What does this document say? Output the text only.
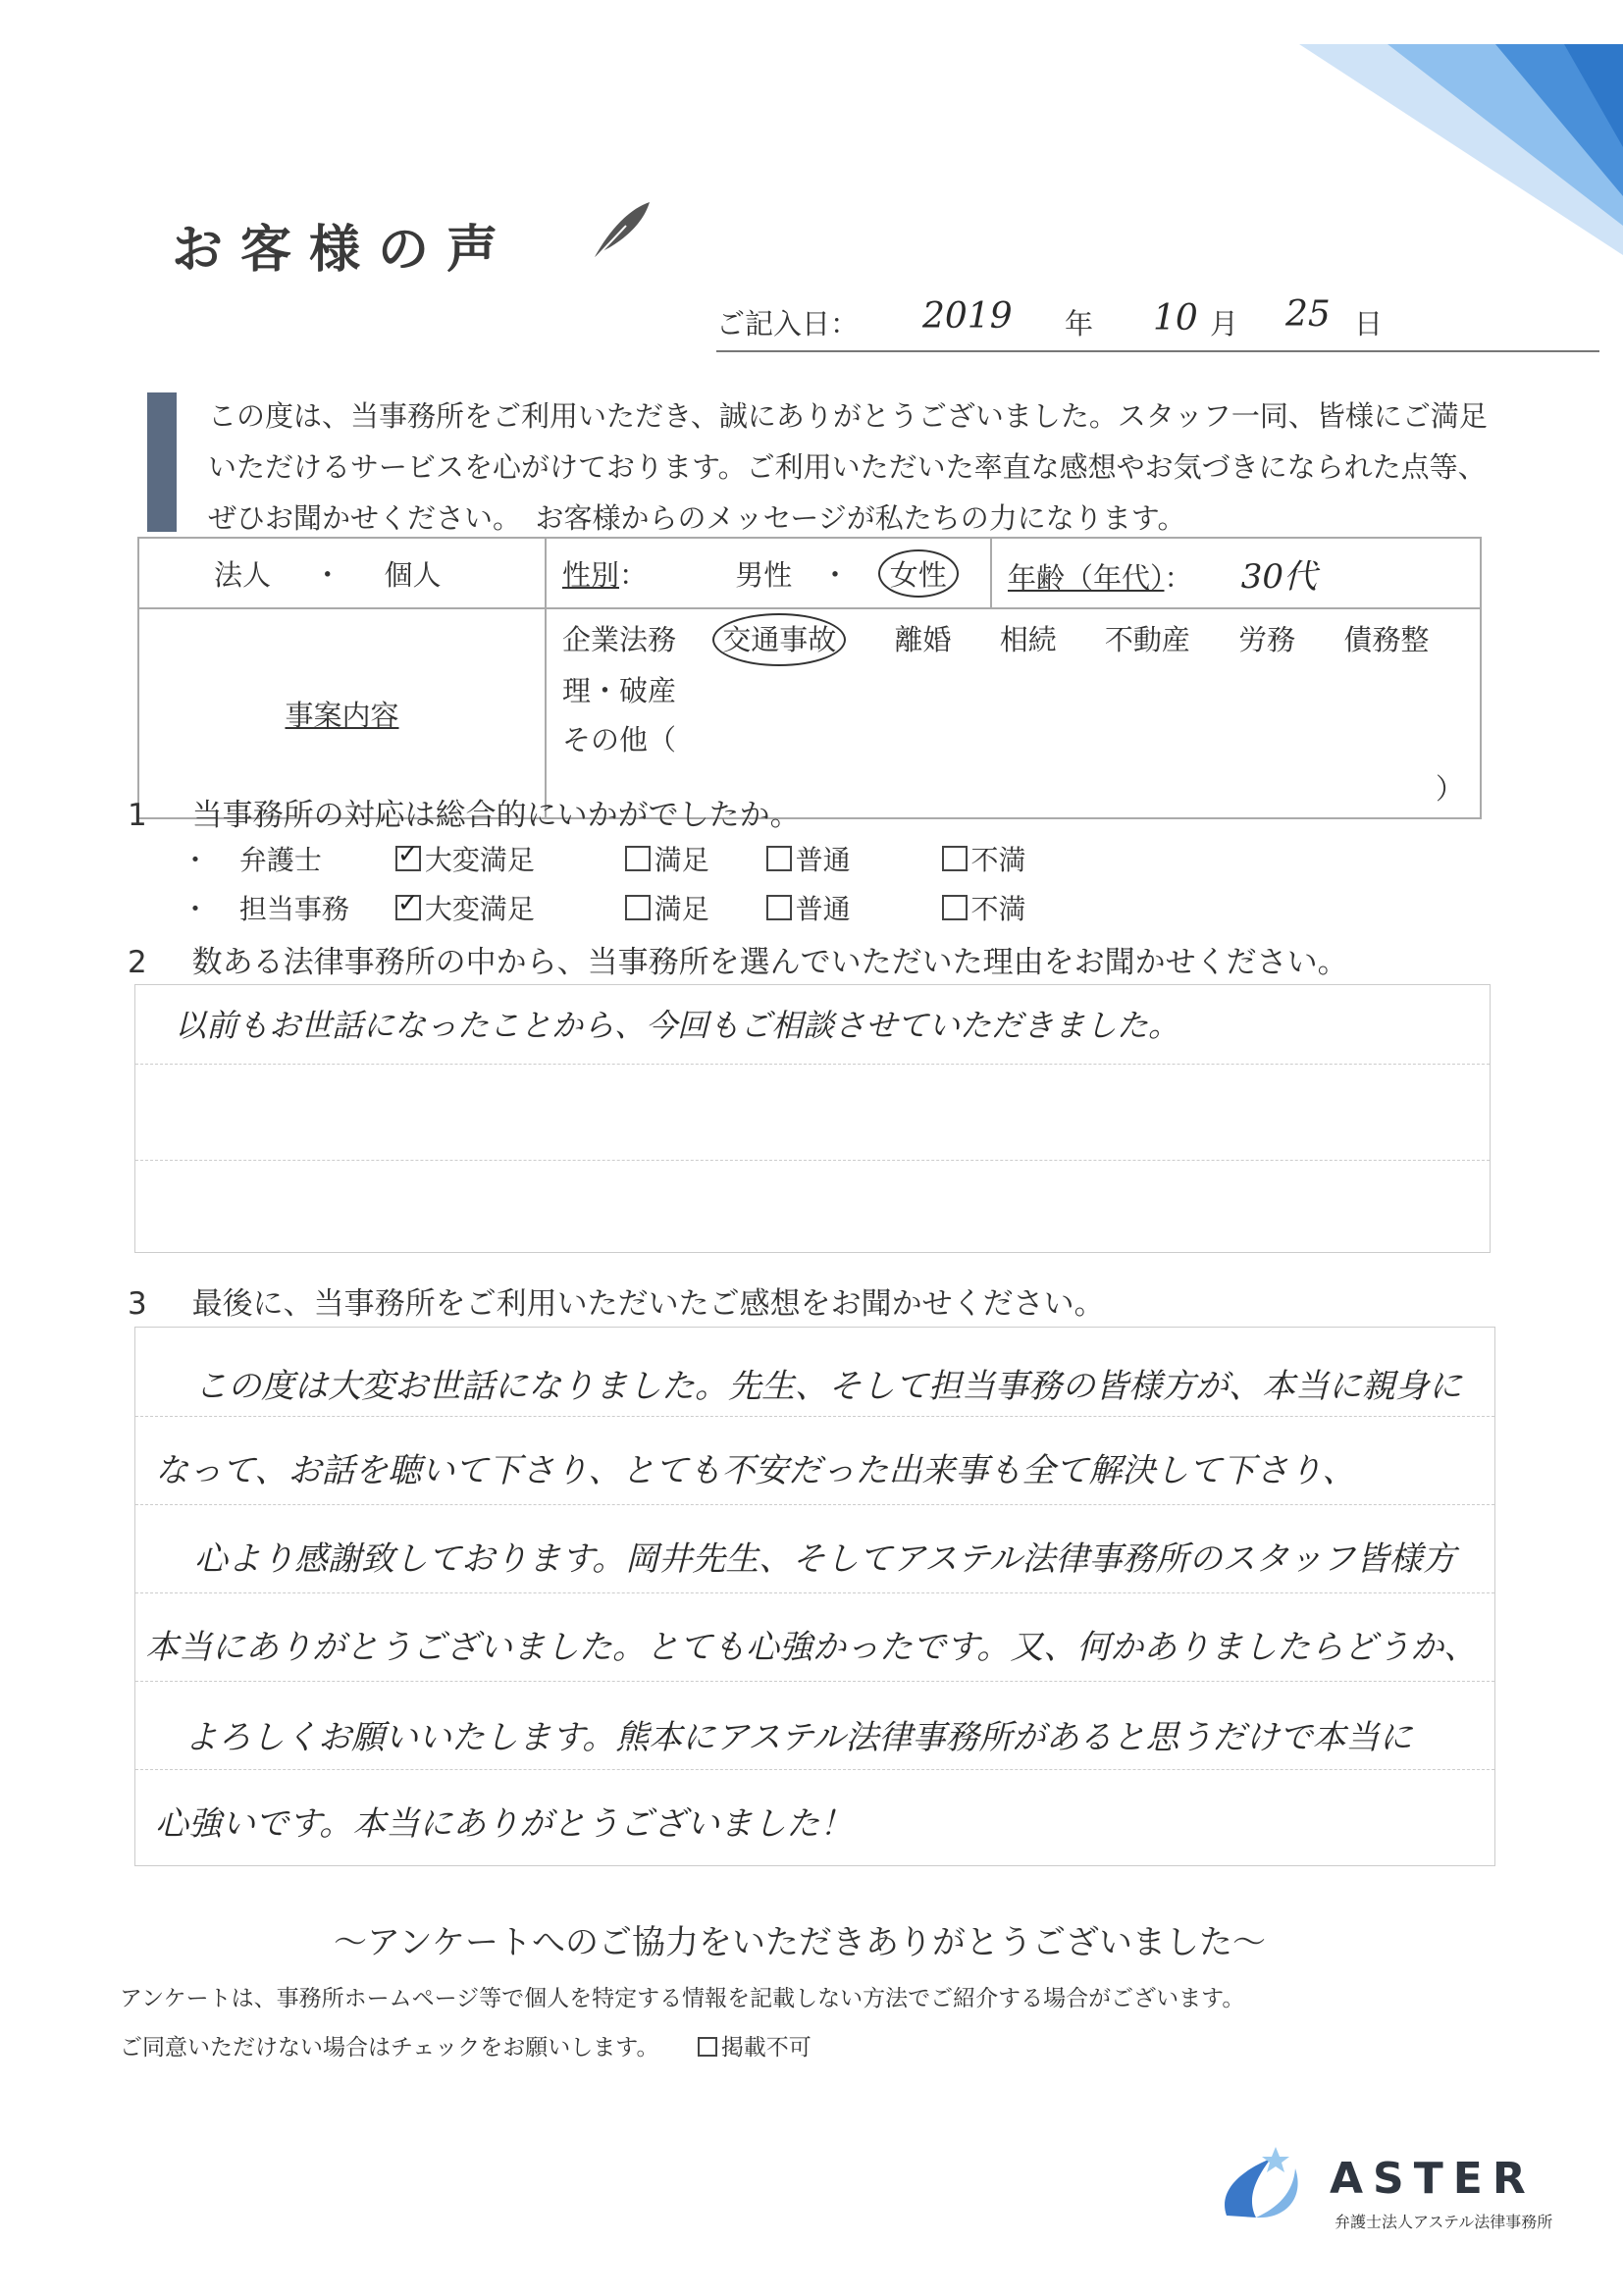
お客様の声
ご記入日： 2019 年 10 月 25 日
この度は、当事務所をご利用いただき、誠にありがとうございました。スタッフ一同、皆様にご満足
いただけるサービスを心がけております。ご利用いただいた率直な感想やお気づきになられた点等、
ぜひお聞かせください。　お客様からのメッセージが私たちの力になります。
法人 ・ 個人	性別： 男性 ・ 女性	年齢（年代）： 30代
事案内容	企業法務 交通事故 離婚 相続 不動産 労務 債務整理・破産
その他（ ）	
1 当事務所の対応は総合的にいかがでしたか。
・ 弁護士 ✓	大変満足	満足	普通	不満
・ 担当事務 ✓	大変満足	満足	普通	不満
2 数ある法律事務所の中から、当事務所を選んでいただいた理由をお聞かせください。
以前もお世話になったことから、今回もご相談させていただきました。
3 最後に、当事務所をご利用いただいたご感想をお聞かせください。
この度は大変お世話になりました。先生、そして担当事務の皆様方が、本当に親身に
なって、お話を聴いて下さり、とても不安だった出来事も全て解決して下さり、
心より感謝致しております。岡井先生、そしてアステル法律事務所のスタッフ皆様方
本当にありがとうございました。とても心強かったです。又、何かありましたらどうか、
よろしくお願いいたします。熊本にアステル法律事務所があると思うだけで本当に
心強いです。本当にありがとうございました！
～アンケートへのご協力をいただきありがとうございました～
アンケートは、事務所ホームページ等で個人を特定する情報を記載しない方法でご紹介する場合がございます。
ご同意いただけない場合はチェックをお願いします。	掲載不可
ASTER
弁護士法人アステル法律事務所
